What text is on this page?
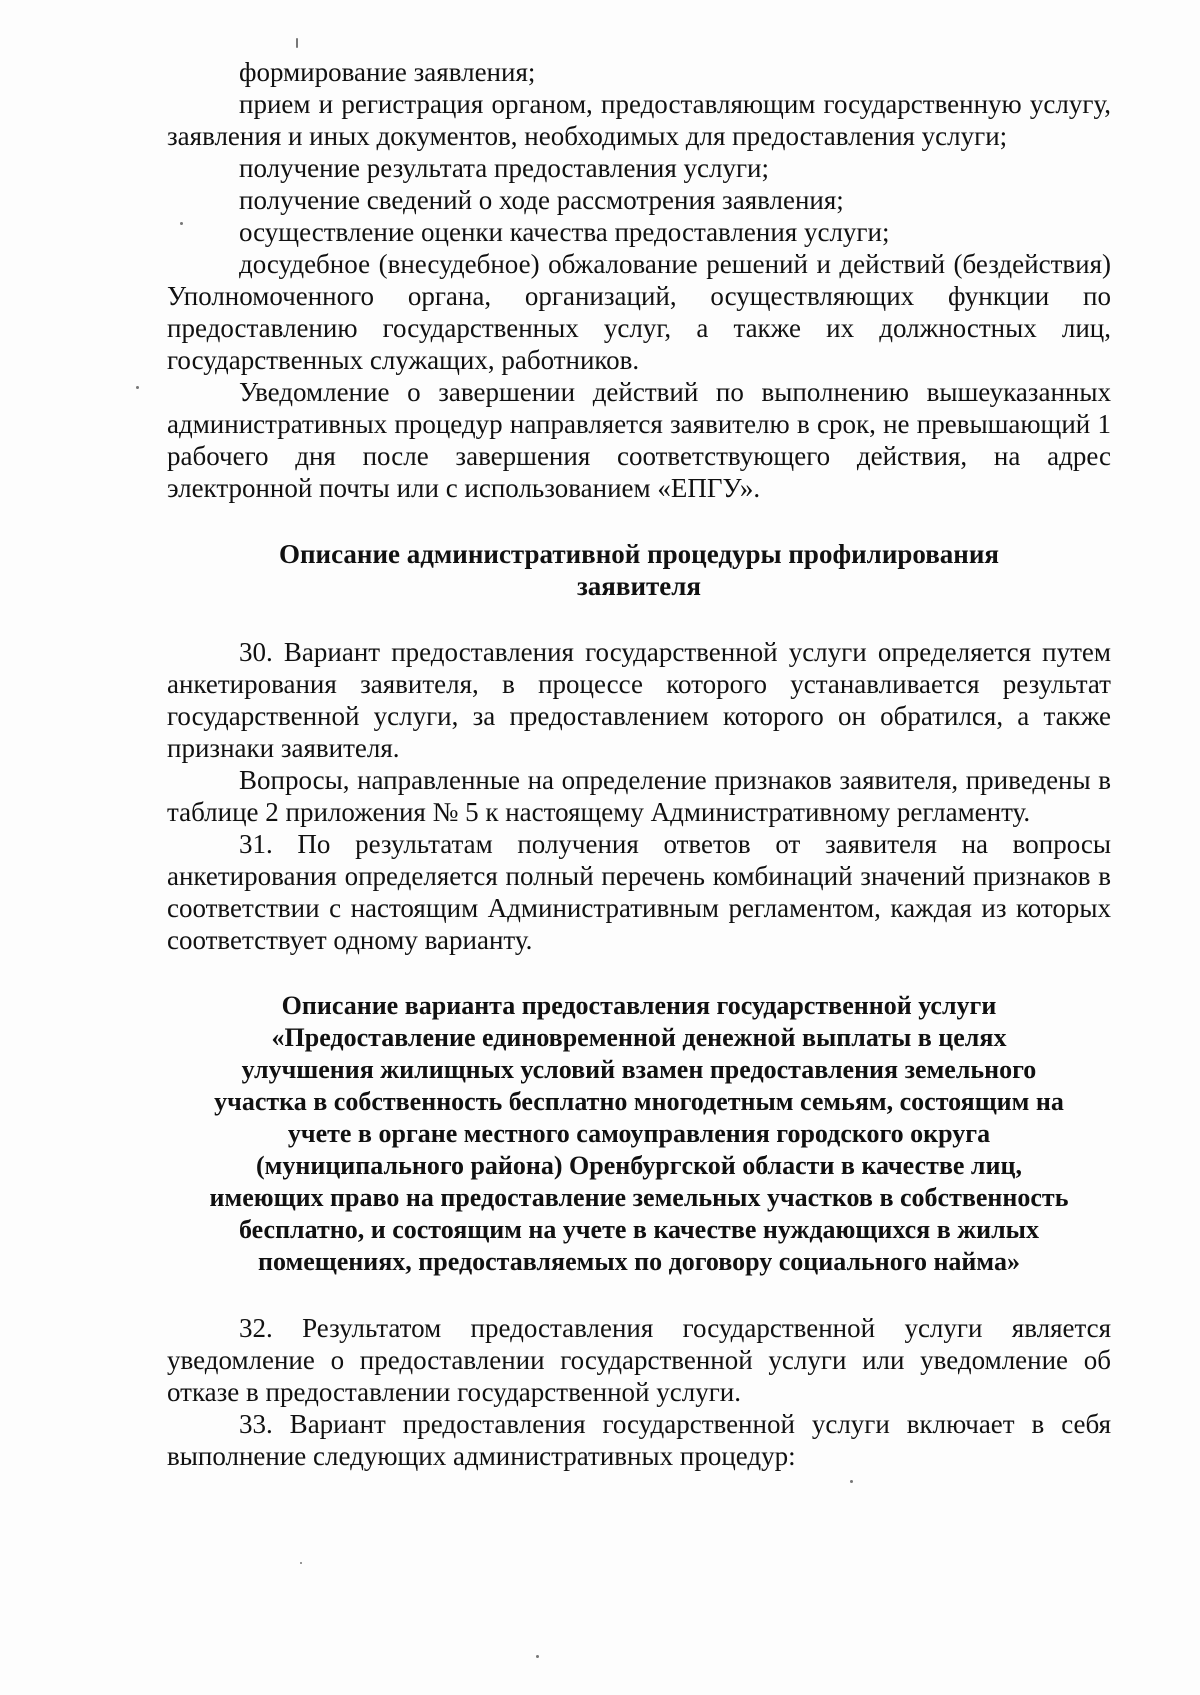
формирование заявления;

прием и регистрация органом, предоставляющим государственную услугу, заявления и иных документов, необходимых для предоставления услуги;

получение результата предоставления услуги;

получение сведений о ходе рассмотрения заявления;

осуществление оценки качества предоставления услуги;

досудебное (внесудебное) обжалование решений и действий (бездействия) Уполномоченного органа, организаций, осуществляющих функции по предоставлению государственных услуг, а также их должностных лиц, государственных служащих, работников.

Уведомление о завершении действий по выполнению вышеуказанных административных процедур направляется заявителю в срок, не превышающий 1 рабочего дня после завершения соответствующего действия, на адрес электронной почты или с использованием «ЕПГУ».

Описание административной процедуры профилирования
заявителя

30. Вариант предоставления государственной услуги определяется путем анкетирования заявителя, в процессе которого устанавливается результат государственной услуги, за предоставлением которого он обратился, а также признаки заявителя.

Вопросы, направленные на определение признаков заявителя, приведены в таблице 2 приложения № 5 к настоящему Административному регламенту.

31. По результатам получения ответов от заявителя на вопросы анкетирования определяется полный перечень комбинаций значений признаков в соответствии с настоящим Административным регламентом, каждая из которых соответствует одному варианту.

Описание варианта предоставления государственной услуги
«Предоставление единовременной денежной выплаты в целях
улучшения жилищных условий взамен предоставления земельного
участка в собственность бесплатно многодетным семьям, состоящим на
учете в органе местного самоуправления городского округа
(муниципального района) Оренбургской области в качестве лиц,
имеющих право на предоставление земельных участков в собственность
бесплатно, и состоящим на учете в качестве нуждающихся в жилых
помещениях, предоставляемых по договору социального найма»

32. Результатом предоставления государственной услуги является уведомление о предоставлении государственной услуги или уведомление об отказе в предоставлении государственной услуги.

33. Вариант предоставления государственной услуги включает в себя выполнение следующих административных процедур:
